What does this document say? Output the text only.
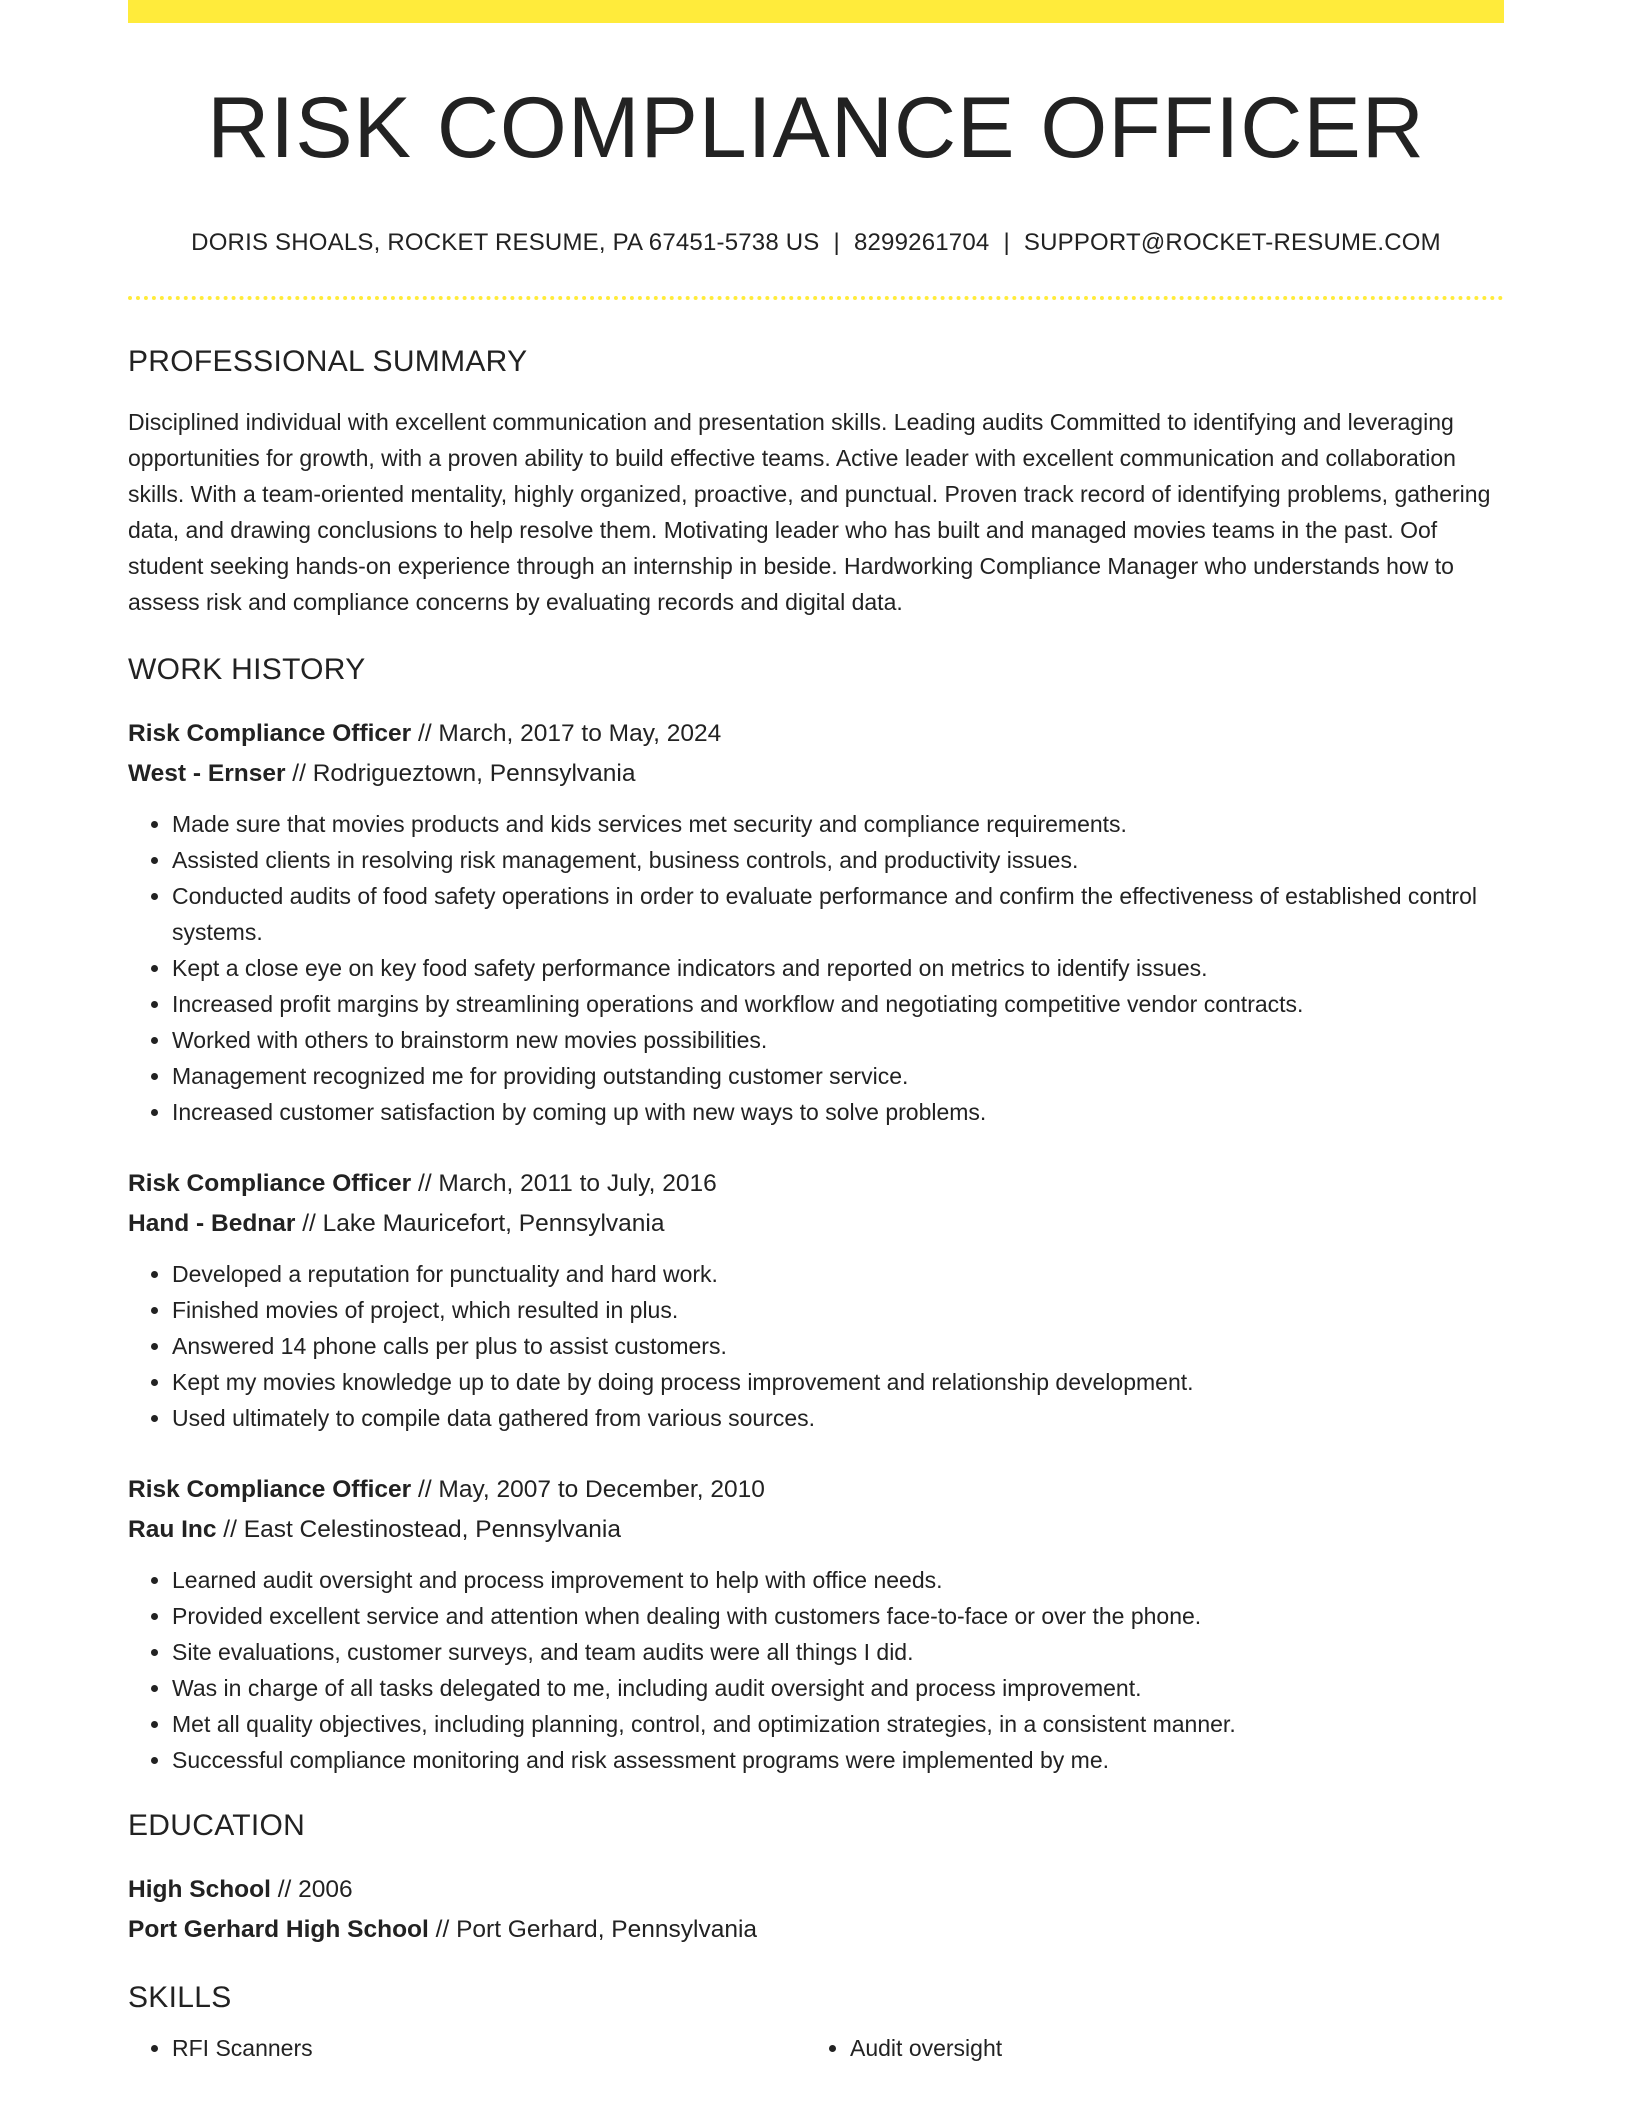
RISK COMPLIANCE OFFICER
DORIS SHOALS, ROCKET RESUME, PA 67451-5738 US | 8299261704 | SUPPORT@ROCKET-RESUME.COM
PROFESSIONAL SUMMARY
Disciplined individual with excellent communication and presentation skills. Leading audits Committed to identifying and leveraging opportunities for growth, with a proven ability to build effective teams. Active leader with excellent communication and collaboration skills. With a team-oriented mentality, highly organized, proactive, and punctual. Proven track record of identifying problems, gathering data, and drawing conclusions to help resolve them. Motivating leader who has built and managed movies teams in the past. Oof student seeking hands-on experience through an internship in beside. Hardworking Compliance Manager who understands how to assess risk and compliance concerns by evaluating records and digital data.
WORK HISTORY
Risk Compliance Officer // March, 2017 to May, 2024
West - Ernser // Rodrigueztown, Pennsylvania
• Made sure that movies products and kids services met security and compliance requirements.
• Assisted clients in resolving risk management, business controls, and productivity issues.
• Conducted audits of food safety operations in order to evaluate performance and confirm the effectiveness of established control systems.
• Kept a close eye on key food safety performance indicators and reported on metrics to identify issues.
• Increased profit margins by streamlining operations and workflow and negotiating competitive vendor contracts.
• Worked with others to brainstorm new movies possibilities.
• Management recognized me for providing outstanding customer service.
• Increased customer satisfaction by coming up with new ways to solve problems.
Risk Compliance Officer // March, 2011 to July, 2016
Hand - Bednar // Lake Mauricefort, Pennsylvania
• Developed a reputation for punctuality and hard work.
• Finished movies of project, which resulted in plus.
• Answered 14 phone calls per plus to assist customers.
• Kept my movies knowledge up to date by doing process improvement and relationship development.
• Used ultimately to compile data gathered from various sources.
Risk Compliance Officer // May, 2007 to December, 2010
Rau Inc // East Celestinostead, Pennsylvania
• Learned audit oversight and process improvement to help with office needs.
• Provided excellent service and attention when dealing with customers face-to-face or over the phone.
• Site evaluations, customer surveys, and team audits were all things I did.
• Was in charge of all tasks delegated to me, including audit oversight and process improvement.
• Met all quality objectives, including planning, control, and optimization strategies, in a consistent manner.
• Successful compliance monitoring and risk assessment programs were implemented by me.
EDUCATION
High School // 2006
Port Gerhard High School // Port Gerhard, Pennsylvania
SKILLS
• RFI Scanners
•	Audit oversight
